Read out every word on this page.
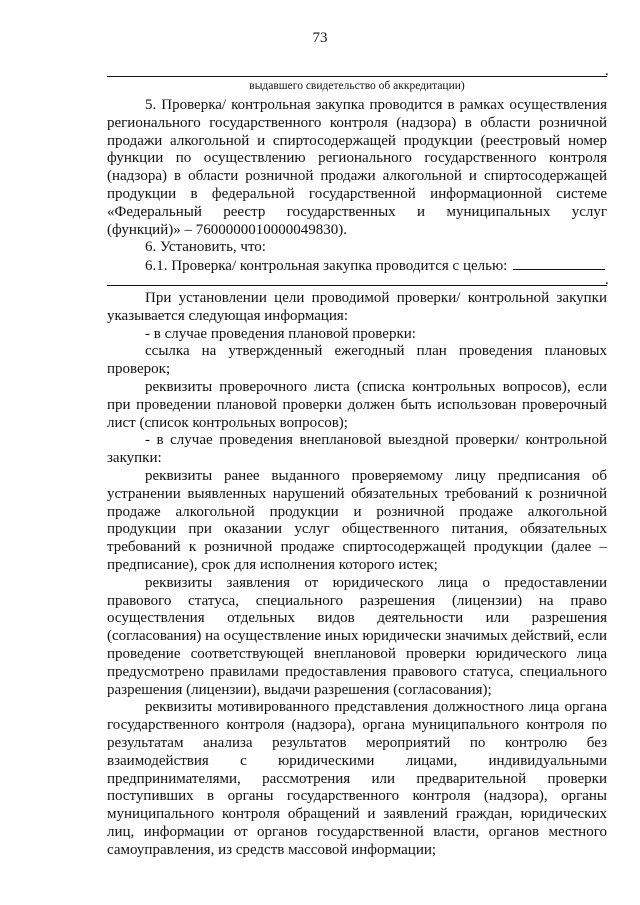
73
.
выдавшего свидетельство об аккредитации)
5. Проверка/ контрольная закупка проводится в рамках осуществления
регионального государственного контроля (надзора) в области розничной
продажи алкогольной и спиртосодержащей продукции (реестровый номер
функции по осуществлению регионального государственного контроля
(надзора) в области розничной продажи алкогольной и спиртосодержащей
продукции в федеральной государственной информационной системе
«Федеральный реестр государственных и муниципальных услуг
(функций)» – 7600000010000049830).
6. Установить, что:
6.1. Проверка/ контрольная закупка проводится с целью:
.
При установлении цели проводимой проверки/ контрольной закупки
указывается следующая информация:
- в случае проведения плановой проверки:
ссылка на утвержденный ежегодный план проведения плановых
проверок;
реквизиты проверочного листа (списка контрольных вопросов), если
при проведении плановой проверки должен быть использован проверочный
лист (список контрольных вопросов);
- в случае проведения внеплановой выездной проверки/ контрольной
закупки:
реквизиты ранее выданного проверяемому лицу предписания об
устранении выявленных нарушений обязательных требований к розничной
продаже алкогольной продукции и розничной продаже алкогольной
продукции при оказании услуг общественного питания, обязательных
требований к розничной продаже спиртосодержащей продукции (далее –
предписание), срок для исполнения которого истек;
реквизиты заявления от юридического лица о предоставлении
правового статуса, специального разрешения (лицензии) на право
осуществления отдельных видов деятельности или разрешения
(согласования) на осуществление иных юридически значимых действий, если
проведение соответствующей внеплановой проверки юридического лица
предусмотрено правилами предоставления правового статуса, специального
разрешения (лицензии), выдачи разрешения (согласования);
реквизиты мотивированного представления должностного лица органа
государственного контроля (надзора), органа муниципального контроля по
результатам анализа результатов мероприятий по контролю без
взаимодействия с юридическими лицами, индивидуальными
предпринимателями, рассмотрения или предварительной проверки
поступивших в органы государственного контроля (надзора), органы
муниципального контроля обращений и заявлений граждан, юридических
лиц, информации от органов государственной власти, органов местного
самоуправления, из средств массовой информации;
